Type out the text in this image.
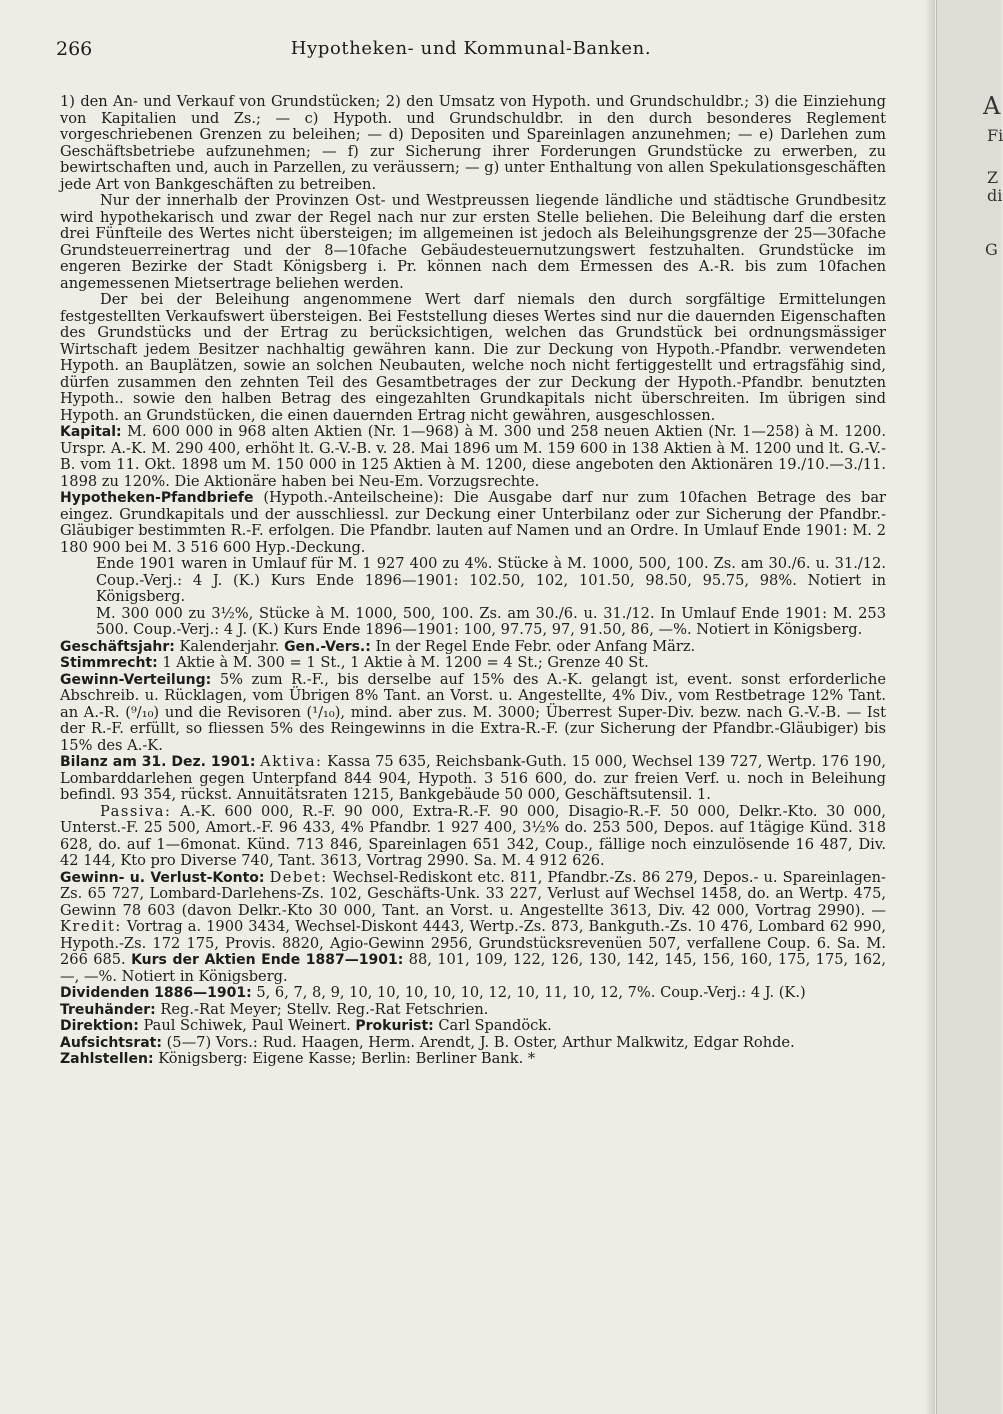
266	Hypotheken- und Kommunal-Banken.

1) den An- und Verkauf von Grundstücken; 2) den Umsatz von Hypoth. und Grundschuldbr.; 3) die Einziehung von Kapitalien und Zs.; — c) Hypoth. und Grundschuldbr. in den durch besonderes Reglement vorgeschriebenen Grenzen zu beleihen; — d) Depositen und Spareinlagen anzunehmen; — e) Darlehen zum Geschäftsbetriebe aufzunehmen; — f) zur Sicherung ihrer Forderungen Grundstücke zu erwerben, zu bewirtschaften und, auch in Parzellen, zu veräussern; — g) unter Enthaltung von allen Spekulationsgeschäften jede Art von Bankgeschäften zu betreiben.

Nur der innerhalb der Provinzen Ost- und Westpreussen liegende ländliche und städtische Grundbesitz wird hypothekarisch und zwar der Regel nach nur zur ersten Stelle beliehen. Die Beleihung darf die ersten drei Fünfteile des Wertes nicht übersteigen; im allgemeinen ist jedoch als Beleihungsgrenze der 25—30fache Grundsteuerreinertrag und der 8—10fache Gebäudesteuernutzungswert festzuhalten. Grundstücke im engeren Bezirke der Stadt Königsberg i. Pr. können nach dem Ermessen des A.-R. bis zum 10fachen angemessenen Mietsertrage beliehen werden.

Der bei der Beleihung angenommene Wert darf niemals den durch sorgfältige Ermittelungen festgestellten Verkaufswert übersteigen. Bei Feststellung dieses Wertes sind nur die dauernden Eigenschaften des Grundstücks und der Ertrag zu berücksichtigen, welchen das Grundstück bei ordnungsmässiger Wirtschaft jedem Besitzer nachhaltig gewähren kann. Die zur Deckung von Hypoth.-Pfandbr. verwendeten Hypoth. an Bauplätzen, sowie an solchen Neubauten, welche noch nicht fertiggestellt und ertragsfähig sind, dürfen zusammen den zehnten Teil des Gesamtbetrages der zur Deckung der Hypoth.-Pfandbr. benutzten Hypoth.. sowie den halben Betrag des eingezahlten Grundkapitals nicht überschreiten. Im übrigen sind Hypoth. an Grundstücken, die einen dauernden Ertrag nicht gewähren, ausgeschlossen.

Kapital: M. 600 000 in 968 alten Aktien (Nr. 1—968) à M. 300 und 258 neuen Aktien (Nr. 1—258) à M. 1200. Urspr. A.-K. M. 290 400, erhöht lt. G.-V.-B. v. 28. Mai 1896 um M. 159 600 in 138 Aktien à M. 1200 und lt. G.-V.-B. vom 11. Okt. 1898 um M. 150 000 in 125 Aktien à M. 1200, diese angeboten den Aktionären 19./10.—3./11. 1898 zu 120%. Die Aktionäre haben bei Neu-Em. Vorzugsrechte.

Hypotheken-Pfandbriefe (Hypoth.-Anteilscheine): Die Ausgabe darf nur zum 10fachen Betrage des bar eingez. Grundkapitals und der ausschliessl. zur Deckung einer Unterbilanz oder zur Sicherung der Pfandbr.-Gläubiger bestimmten R.-F. erfolgen. Die Pfandbr. lauten auf Namen und an Ordre. In Umlauf Ende 1901: M. 2 180 900 bei M. 3 516 600 Hyp.-Deckung.

Ende 1901 waren in Umlauf für M. 1 927 400 zu 4%. Stücke à M. 1000, 500, 100. Zs. am 30./6. u. 31./12. Coup.-Verj.: 4 J. (K.) Kurs Ende 1896—1901: 102.50, 102, 101.50, 98.50, 95.75, 98%. Notiert in Königsberg.

M. 300 000 zu 3½%, Stücke à M. 1000, 500, 100. Zs. am 30./6. u. 31./12. In Umlauf Ende 1901: M. 253 500. Coup.-Verj.: 4 J. (K.) Kurs Ende 1896—1901: 100, 97.75, 97, 91.50, 86, —%. Notiert in Königsberg.

Geschäftsjahr: Kalenderjahr. Gen.-Vers.: In der Regel Ende Febr. oder Anfang März.

Stimmrecht: 1 Aktie à M. 300 = 1 St., 1 Aktie à M. 1200 = 4 St.; Grenze 40 St.

Gewinn-Verteilung: 5% zum R.-F., bis derselbe auf 15% des A.-K. gelangt ist, event. sonst erforderliche Abschreib. u. Rücklagen, vom Übrigen 8% Tant. an Vorst. u. Angestellte, 4% Div., vom Restbetrage 12% Tant. an A.-R. (⁹/₁₀) und die Revisoren (¹/₁₀), mind. aber zus. M. 3000; Überrest Super-Div. bezw. nach G.-V.-B. — Ist der R.-F. erfüllt, so fliessen 5% des Reingewinns in die Extra-R.-F. (zur Sicherung der Pfandbr.-Gläubiger) bis 15% des A.-K.

Bilanz am 31. Dez. 1901: Aktiva: Kassa 75 635, Reichsbank-Guth. 15 000, Wechsel 139 727, Wertp. 176 190, Lombarddarlehen gegen Unterpfand 844 904, Hypoth. 3 516 600, do. zur freien Verf. u. noch in Beleihung befindl. 93 354, rückst. Annuitätsraten 1215, Bankgebäude 50 000, Geschäftsutensil. 1.

Passiva: A.-K. 600 000, R.-F. 90 000, Extra-R.-F. 90 000, Disagio-R.-F. 50 000, Delkr.-Kto. 30 000, Unterst.-F. 25 500, Amort.-F. 96 433, 4% Pfandbr. 1 927 400, 3½% do. 253 500, Depos. auf 1tägige Künd. 318 628, do. auf 1—6monat. Künd. 713 846, Spareinlagen 651 342, Coup., fällige noch einzulösende 16 487, Div. 42 144, Kto pro Diverse 740, Tant. 3613, Vortrag 2990. Sa. M. 4 912 626.

Gewinn- u. Verlust-Konto: Debet: Wechsel-Rediskont etc. 811, Pfandbr.-Zs. 86 279, Depos.- u. Spareinlagen-Zs. 65 727, Lombard-Darlehens-Zs. 102, Geschäfts-Unk. 33 227, Verlust auf Wechsel 1458, do. an Wertp. 475, Gewinn 78 603 (davon Delkr.-Kto 30 000, Tant. an Vorst. u. Angestellte 3613, Div. 42 000, Vortrag 2990). — Kredit: Vortrag a. 1900 3434, Wechsel-Diskont 4443, Wertp.-Zs. 873, Bankguth.-Zs. 10 476, Lombard 62 990, Hypoth.-Zs. 172 175, Provis. 8820, Agio-Gewinn 2956, Grundstücksrevenüen 507, verfallene Coup. 6. Sa. M. 266 685. Kurs der Aktien Ende 1887—1901: 88, 101, 109, 122, 126, 130, 142, 145, 156, 160, 175, 175, 162, —, —%. Notiert in Königsberg.

Dividenden 1886—1901: 5, 6, 7, 8, 9, 10, 10, 10, 10, 10, 12, 10, 11, 10, 12, 7%. Coup.-Verj.: 4 J. (K.)

Treuhänder: Reg.-Rat Meyer; Stellv. Reg.-Rat Fetschrien.

Direktion: Paul Schiwek, Paul Weinert. Prokurist: Carl Spandöck.

Aufsichtsrat: (5—7) Vors.: Rud. Haagen, Herm. Arendt, J. B. Oster, Arthur Malkwitz, Edgar Rohde.

Zahlstellen: Königsberg: Eigene Kasse; Berlin: Berliner Bank. *

A
Fi
Z
di
G
